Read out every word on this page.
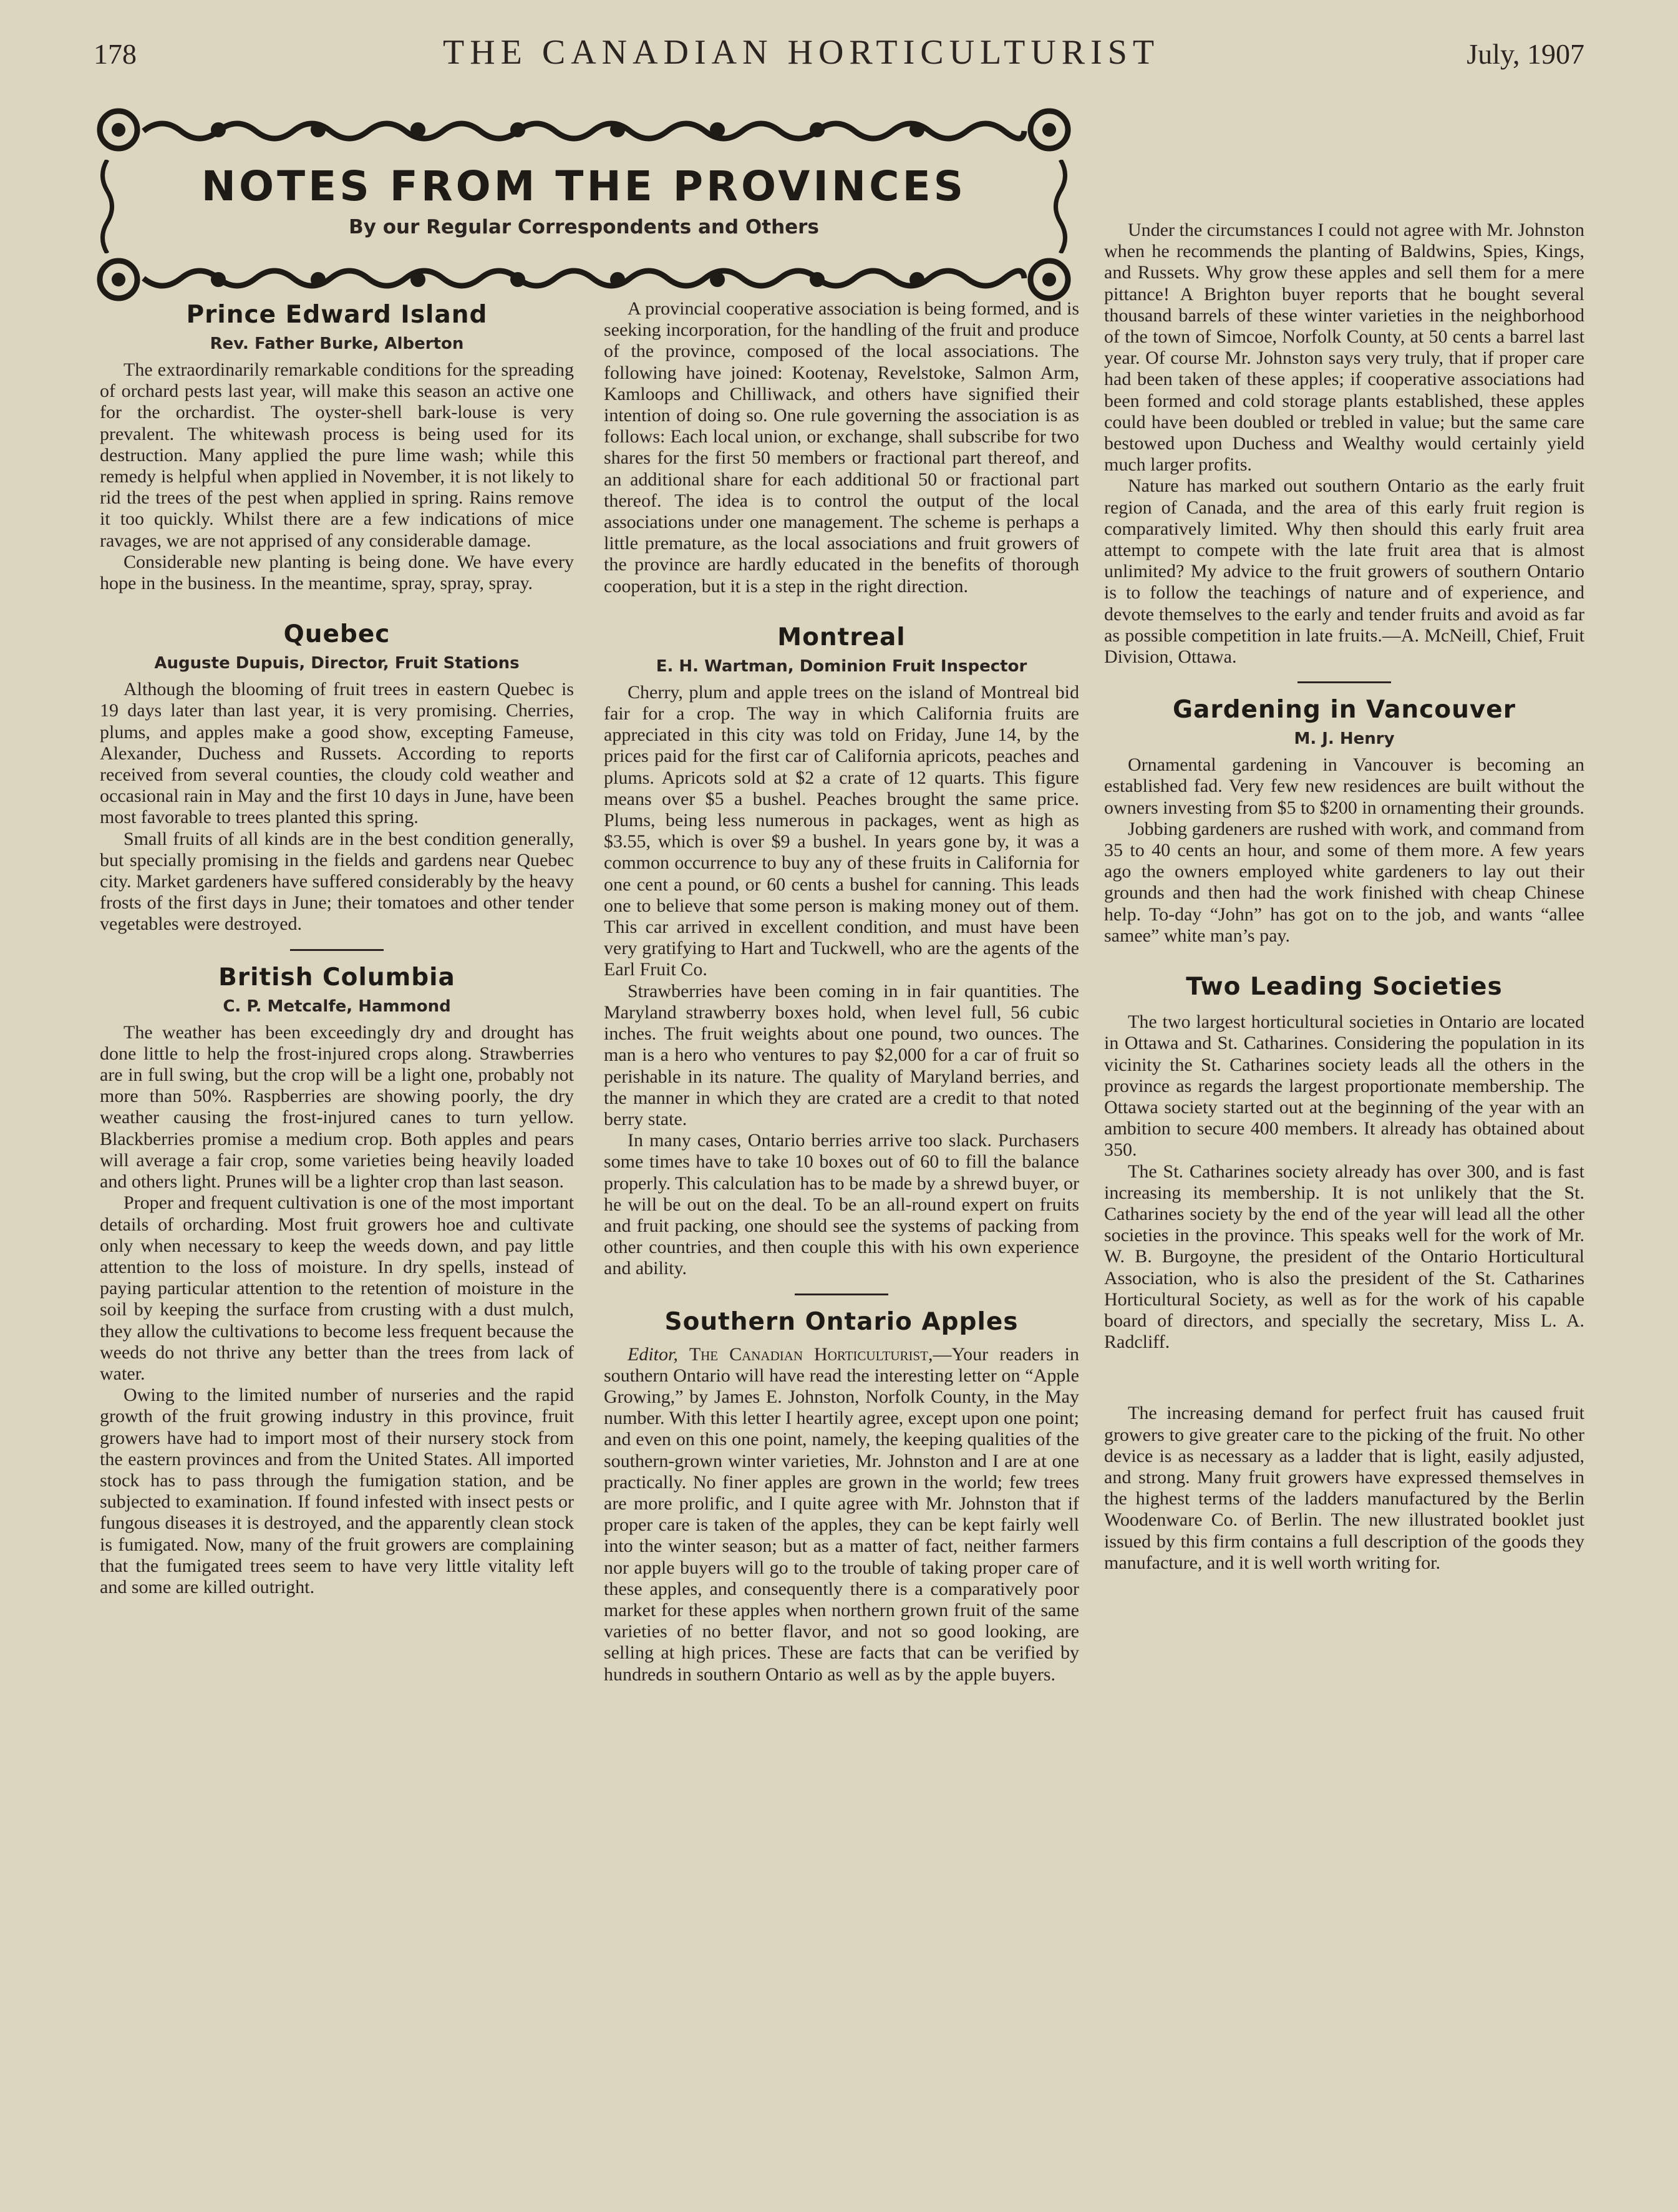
178	THE CANADIAN HORTICULTURIST	July, 1907
NOTES FROM THE PROVINCES
By our Regular Correspondents and Others
Prince Edward Island
Rev. Father Burke, Alberton

The extraordinarily remarkable conditions for the spreading of orchard pests last year, will make this season an active one for the orchardist. The oyster-shell bark-louse is very prevalent. The whitewash process is being used for its destruction. Many applied the pure lime wash; while this remedy is helpful when applied in November, it is not likely to rid the trees of the pest when applied in spring. Rains remove it too quickly. Whilst there are a few indications of mice ravages, we are not apprised of any considerable damage.

Considerable new planting is being done. We have every hope in the business. In the meantime, spray, spray, spray.

Quebec
Auguste Dupuis, Director, Fruit Stations

Although the blooming of fruit trees in eastern Quebec is 19 days later than last year, it is very promising. Cherries, plums, and apples make a good show, excepting Fameuse, Alexander, Duchess and Russets. According to reports received from several counties, the cloudy cold weather and occasional rain in May and the first 10 days in June, have been most favorable to trees planted this spring.

Small fruits of all kinds are in the best condition generally, but specially promising in the fields and gardens near Quebec city. Market gardeners have suffered considerably by the heavy frosts of the first days in June; their tomatoes and other tender vegetables were destroyed.

British Columbia
C. P. Metcalfe, Hammond

The weather has been exceedingly dry and drought has done little to help the frost-injured crops along. Strawberries are in full swing, but the crop will be a light one, probably not more than 50%. Raspberries are showing poorly, the dry weather causing the frost-injured canes to turn yellow. Blackberries promise a medium crop. Both apples and pears will average a fair crop, some varieties being heavily loaded and others light. Prunes will be a lighter crop than last season.

Proper and frequent cultivation is one of the most important details of orcharding. Most fruit growers hoe and cultivate only when necessary to keep the weeds down, and pay little attention to the loss of moisture. In dry spells, instead of paying particular attention to the retention of moisture in the soil by keeping the surface from crusting with a dust mulch, they allow the cultivations to become less frequent because the weeds do not thrive any better than the trees from lack of water.

Owing to the limited number of nurseries and the rapid growth of the fruit growing industry in this province, fruit growers have had to import most of their nursery stock from the eastern provinces and from the United States. All imported stock has to pass through the fumigation station, and be subjected to examination. If found infested with insect pests or fungous diseases it is destroyed, and the apparently clean stock is fumigated. Now, many of the fruit growers are complaining that the fumigated trees seem to have very little vitality left and some are killed outright.

A provincial cooperative association is being formed, and is seeking incorporation, for the handling of the fruit and produce of the province, composed of the local associations. The following have joined: Kootenay, Revelstoke, Salmon Arm, Kamloops and Chilliwack, and others have signified their intention of doing so. One rule governing the association is as follows: Each local union, or exchange, shall subscribe for two shares for the first 50 members or fractional part thereof, and an additional share for each additional 50 or fractional part thereof. The idea is to control the output of the local associations under one management. The scheme is perhaps a little premature, as the local associations and fruit growers of the province are hardly educated in the benefits of thorough cooperation, but it is a step in the right direction.

Montreal
E. H. Wartman, Dominion Fruit Inspector

Cherry, plum and apple trees on the island of Montreal bid fair for a crop. The way in which California fruits are appreciated in this city was told on Friday, June 14, by the prices paid for the first car of California apricots, peaches and plums. Apricots sold at $2 a crate of 12 quarts. This figure means over $5 a bushel. Peaches brought the same price. Plums, being less numerous in packages, went as high as $3.55, which is over $9 a bushel. In years gone by, it was a common occurrence to buy any of these fruits in California for one cent a pound, or 60 cents a bushel for canning. This leads one to believe that some person is making money out of them. This car arrived in excellent condition, and must have been very gratifying to Hart and Tuckwell, who are the agents of the Earl Fruit Co.

Strawberries have been coming in in fair quantities. The Maryland strawberry boxes hold, when level full, 56 cubic inches. The fruit weights about one pound, two ounces. The man is a hero who ventures to pay $2,000 for a car of fruit so perishable in its nature. The quality of Maryland berries, and the manner in which they are crated are a credit to that noted berry state.

In many cases, Ontario berries arrive too slack. Purchasers some times have to take 10 boxes out of 60 to fill the balance properly. This calculation has to be made by a shrewd buyer, or he will be out on the deal. To be an all-round expert on fruits and fruit packing, one should see the systems of packing from other countries, and then couple this with his own experience and ability.

Southern Ontario Apples

Editor, The Canadian Horticulturist,—Your readers in southern Ontario will have read the interesting letter on “Apple Growing,” by James E. Johnston, Norfolk County, in the May number. With this letter I heartily agree, except upon one point; and even on this one point, namely, the keeping qualities of the southern-grown winter varieties, Mr. Johnston and I are at one practically. No finer apples are grown in the world; few trees are more prolific, and I quite agree with Mr. Johnston that if proper care is taken of the apples, they can be kept fairly well into the winter season; but as a matter of fact, neither farmers nor apple buyers will go to the trouble of taking proper care of these apples, and consequently there is a comparatively poor market for these apples when northern grown fruit of the same varieties of no better flavor, and not so good looking, are selling at high prices. These are facts that can be verified by hundreds in southern Ontario as well as by the apple buyers.

Under the circumstances I could not agree with Mr. Johnston when he recommends the planting of Baldwins, Spies, Kings, and Russets. Why grow these apples and sell them for a mere pittance! A Brighton buyer reports that he bought several thousand barrels of these winter varieties in the neighborhood of the town of Simcoe, Norfolk County, at 50 cents a barrel last year. Of course Mr. Johnston says very truly, that if proper care had been taken of these apples; if cooperative associations had been formed and cold storage plants established, these apples could have been doubled or trebled in value; but the same care bestowed upon Duchess and Wealthy would certainly yield much larger profits.

Nature has marked out southern Ontario as the early fruit region of Canada, and the area of this early fruit region is comparatively limited. Why then should this early fruit area attempt to compete with the late fruit area that is almost unlimited? My advice to the fruit growers of southern Ontario is to follow the teachings of nature and of experience, and devote themselves to the early and tender fruits and avoid as far as possible competition in late fruits.—A. McNeill, Chief, Fruit Division, Ottawa.

Gardening in Vancouver
M. J. Henry

Ornamental gardening in Vancouver is becoming an established fad. Very few new residences are built without the owners investing from $5 to $200 in ornamenting their grounds.

Jobbing gardeners are rushed with work, and command from 35 to 40 cents an hour, and some of them more. A few years ago the owners employed white gardeners to lay out their grounds and then had the work finished with cheap Chinese help. To-day “John” has got on to the job, and wants “allee samee” white man’s pay.

Two Leading Societies

The two largest horticultural societies in Ontario are located in Ottawa and St. Catharines. Considering the population in its vicinity the St. Catharines society leads all the others in the province as regards the largest proportionate membership. The Ottawa society started out at the beginning of the year with an ambition to secure 400 members. It already has obtained about 350.

The St. Catharines society already has over 300, and is fast increasing its membership. It is not unlikely that the St. Catharines society by the end of the year will lead all the other societies in the province. This speaks well for the work of Mr. W. B. Burgoyne, the president of the Ontario Horticultural Association, who is also the president of the St. Catharines Horticultural Society, as well as for the work of his capable board of directors, and specially the secretary, Miss L. A. Radcliff.

The increasing demand for perfect fruit has caused fruit growers to give greater care to the picking of the fruit. No other device is as necessary as a ladder that is light, easily adjusted, and strong. Many fruit growers have expressed themselves in the highest terms of the ladders manufactured by the Berlin Woodenware Co. of Berlin. The new illustrated booklet just issued by this firm contains a full description of the goods they manufacture, and it is well worth writing for.
